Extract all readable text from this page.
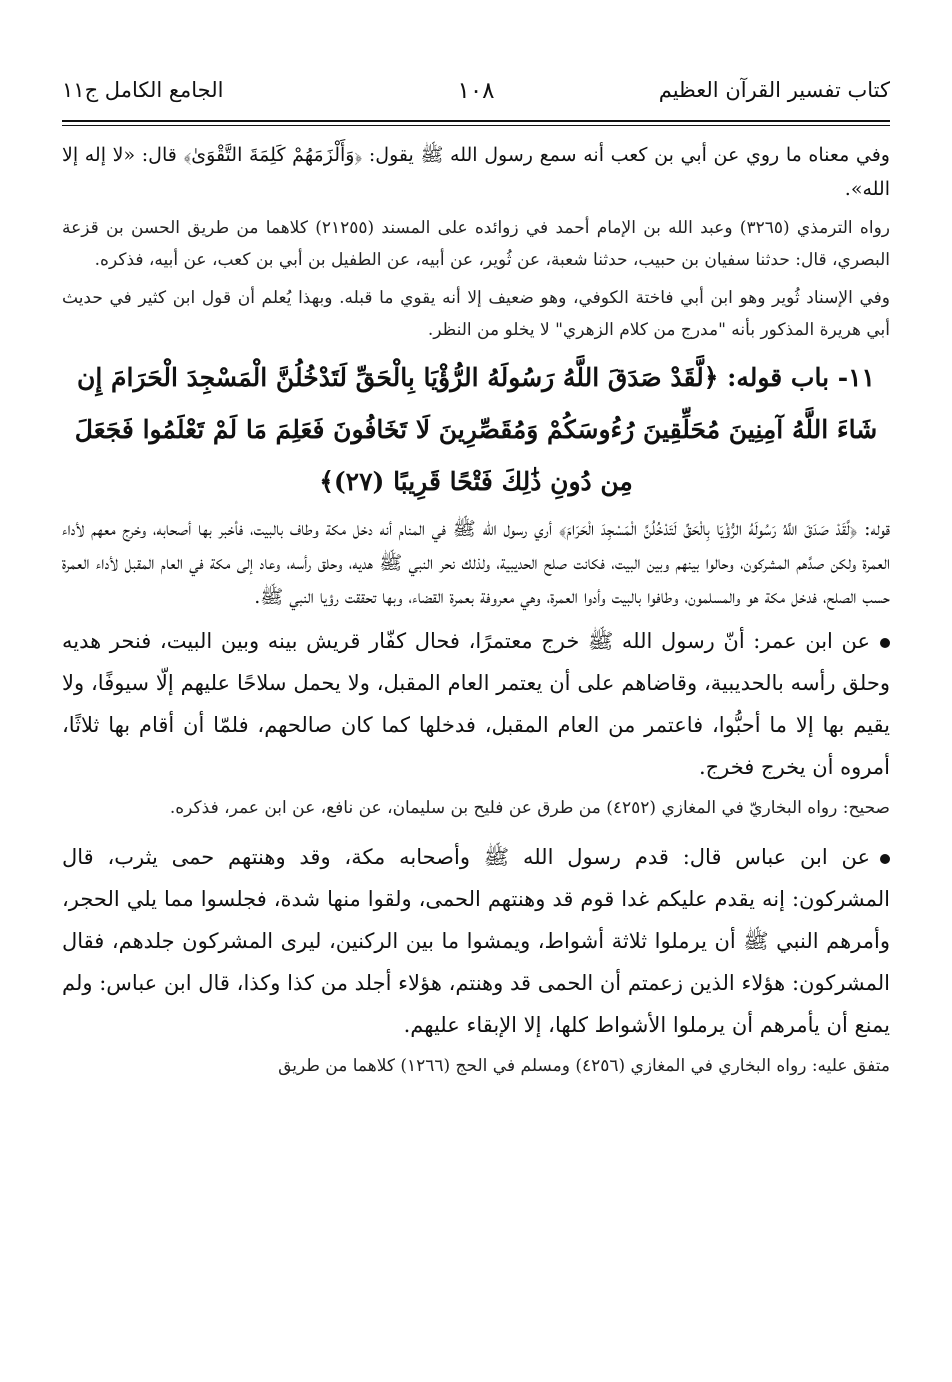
كتاب تفسير القرآن العظيم
١٠٨
الجامع الكامل ج١١

وفي معناه ما روي عن أبي بن كعب أنه سمع رسول الله ﷺ يقول: ﴿وَأَلْزَمَهُمْ كَلِمَةَ التَّقْوَىٰ﴾ قال: «لا إله إلا الله».

رواه الترمذي (٣٢٦٥) وعبد الله بن الإمام أحمد في زوائده على المسند (٢١٢٥٥) كلاهما من طريق الحسن بن قزعة البصري، قال: حدثنا سفيان بن حبيب، حدثنا شعبة، عن ثُوير، عن أبيه، عن الطفيل بن أبي بن كعب، عن أبيه، فذكره.

وفي الإسناد ثُوير وهو ابن أبي فاختة الكوفي، وهو ضعيف إلا أنه يقوي ما قبله. وبهذا يُعلم أن قول ابن كثير في حديث أبي هريرة المذكور بأنه "مدرج من كلام الزهري" لا يخلو من النظر.

١١- باب قوله: ﴿لَّقَدْ صَدَقَ اللَّهُ رَسُولَهُ الرُّؤْيَا بِالْحَقِّ لَتَدْخُلُنَّ الْمَسْجِدَ الْحَرَامَ إِن شَاءَ اللَّهُ آمِنِينَ مُحَلِّقِينَ رُءُوسَكُمْ وَمُقَصِّرِينَ لَا تَخَافُونَ فَعَلِمَ مَا لَمْ تَعْلَمُوا فَجَعَلَ مِن دُونِ ذَٰلِكَ فَتْحًا قَرِيبًا (٢٧)﴾

قوله: ﴿لَّقَدْ صَدَقَ اللَّهُ رَسُولَهُ الرُّؤْيَا بِالْحَقِّ لَتَدْخُلُنَّ الْمَسْجِدَ الْحَرَامَ﴾ أري رسول الله ﷺ في المنام أنه دخل مكة وطاف بالبيت، فأخبر بها أصحابه، وخرج معهم لأداء العمرة ولكن صدَّهم المشركون، وحالوا بينهم وبين البيت، فكانت صلح الحديبية، ولذلك نحر النبي ﷺ هديه، وحلق رأسه، وعاد إلى مكة في العام المقبل لأداء العمرة حسب الصلح، فدخل مكة هو والمسلمون، وطافوا بالبيت وأدوا العمرة، وهي معروفة بعمرة القضاء، وبها تحققت رؤيا النبي ﷺ.

عن ابن عمر: أنّ رسول الله ﷺ خرج معتمرًا، فحال كفّار قريش بينه وبين البيت، فنحر هديه وحلق رأسه بالحديبية، وقاضاهم على أن يعتمر العام المقبل، ولا يحمل سلاحًا عليهم إلّا سيوفًا، ولا يقيم بها إلا ما أحبُّوا، فاعتمر من العام المقبل، فدخلها كما كان صالحهم، فلمّا أن أقام بها ثلاثًا، أمروه أن يخرج فخرج.

صحيح: رواه البخاريّ في المغازي (٤٢٥٢) من طرق عن فليح بن سليمان، عن نافع، عن ابن عمر، فذكره.

عن ابن عباس قال: قدم رسول الله ﷺ وأصحابه مكة، وقد وهنتهم حمى يثرب، قال المشركون: إنه يقدم عليكم غدا قوم قد وهنتهم الحمى، ولقوا منها شدة، فجلسوا مما يلي الحجر، وأمرهم النبي ﷺ أن يرملوا ثلاثة أشواط، ويمشوا ما بين الركنين، ليرى المشركون جلدهم، فقال المشركون: هؤلاء الذين زعمتم أن الحمى قد وهنتم، هؤلاء أجلد من كذا وكذا، قال ابن عباس: ولم يمنع أن يأمرهم أن يرملوا الأشواط كلها، إلا الإبقاء عليهم.

متفق عليه: رواه البخاري في المغازي (٤٢٥٦) ومسلم في الحج (١٢٦٦) كلاهما من طريق
